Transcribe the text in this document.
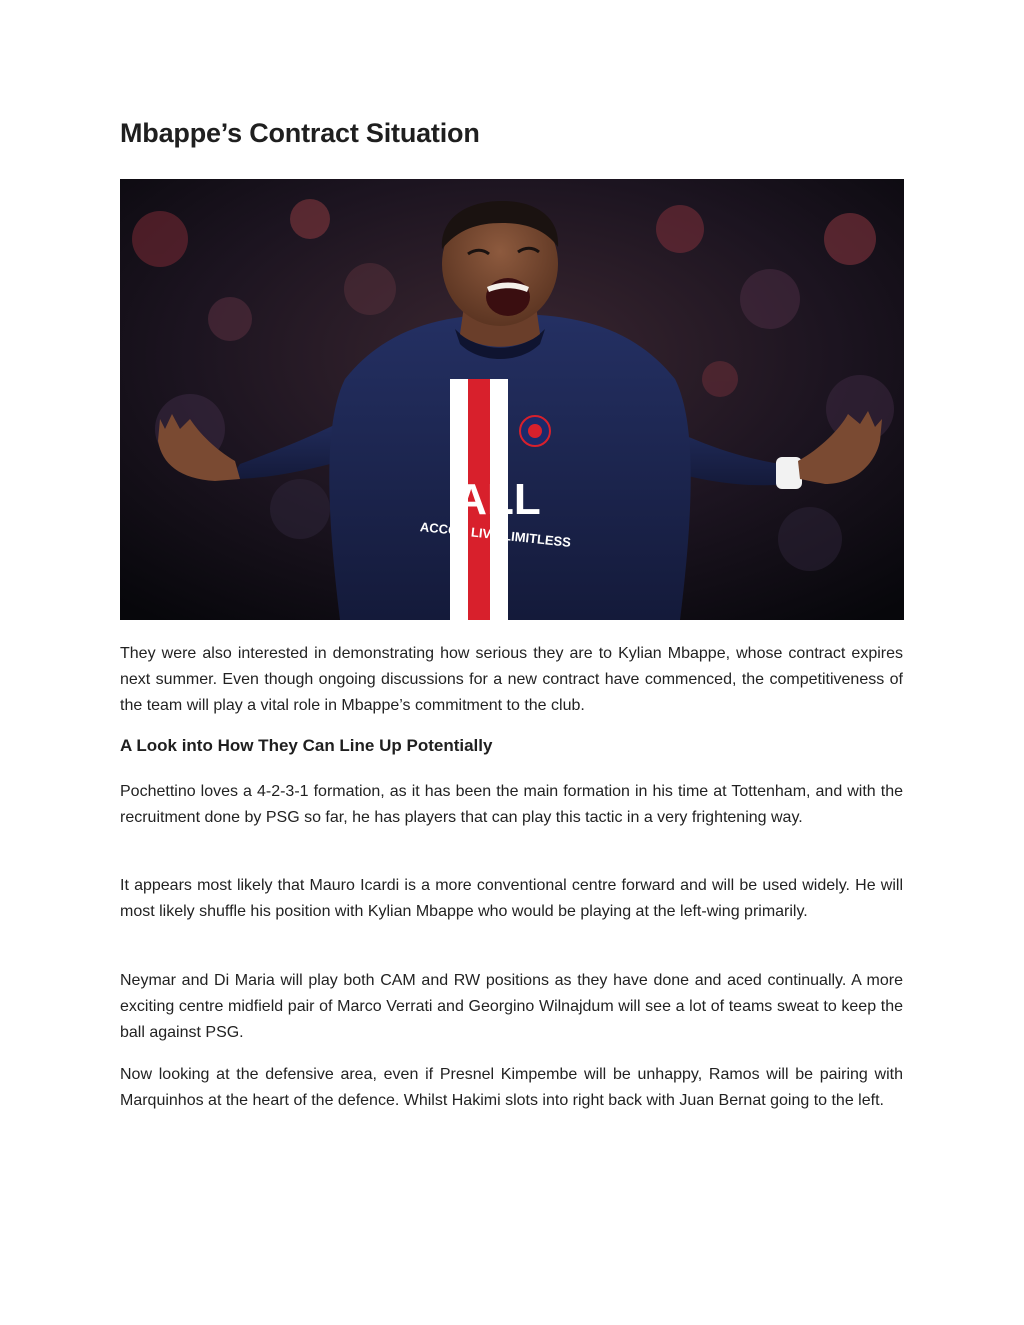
Mbappe’s Contract Situation
ALL
ACCOR LIVE LIMITLESS

They were also interested in demonstrating how serious they are to Kylian Mbappe, whose contract expires next summer. Even though ongoing discussions for a new contract have commenced, the competitiveness of the team will play a vital role in Mbappe’s commitment to the club.

A Look into How They Can Line Up Potentially

Pochettino loves a 4-2-3-1 formation, as it has been the main formation in his time at Tottenham, and with the recruitment done by PSG so far, he has players that can play this tactic in a very frightening way.

It appears most likely that Mauro Icardi is a more conventional centre forward and will be used widely. He will most likely shuffle his position with Kylian Mbappe who would be playing at the left-wing primarily.

Neymar and Di Maria will play both CAM and RW positions as they have done and aced continually. A more exciting centre midfield pair of Marco Verrati and Georgino Wilnajdum will see a lot of teams sweat to keep the ball against PSG.

Now looking at the defensive area, even if Presnel Kimpembe will be unhappy, Ramos will be pairing with Marquinhos at the heart of the defence. Whilst Hakimi slots into right back with Juan Bernat going to the left.
